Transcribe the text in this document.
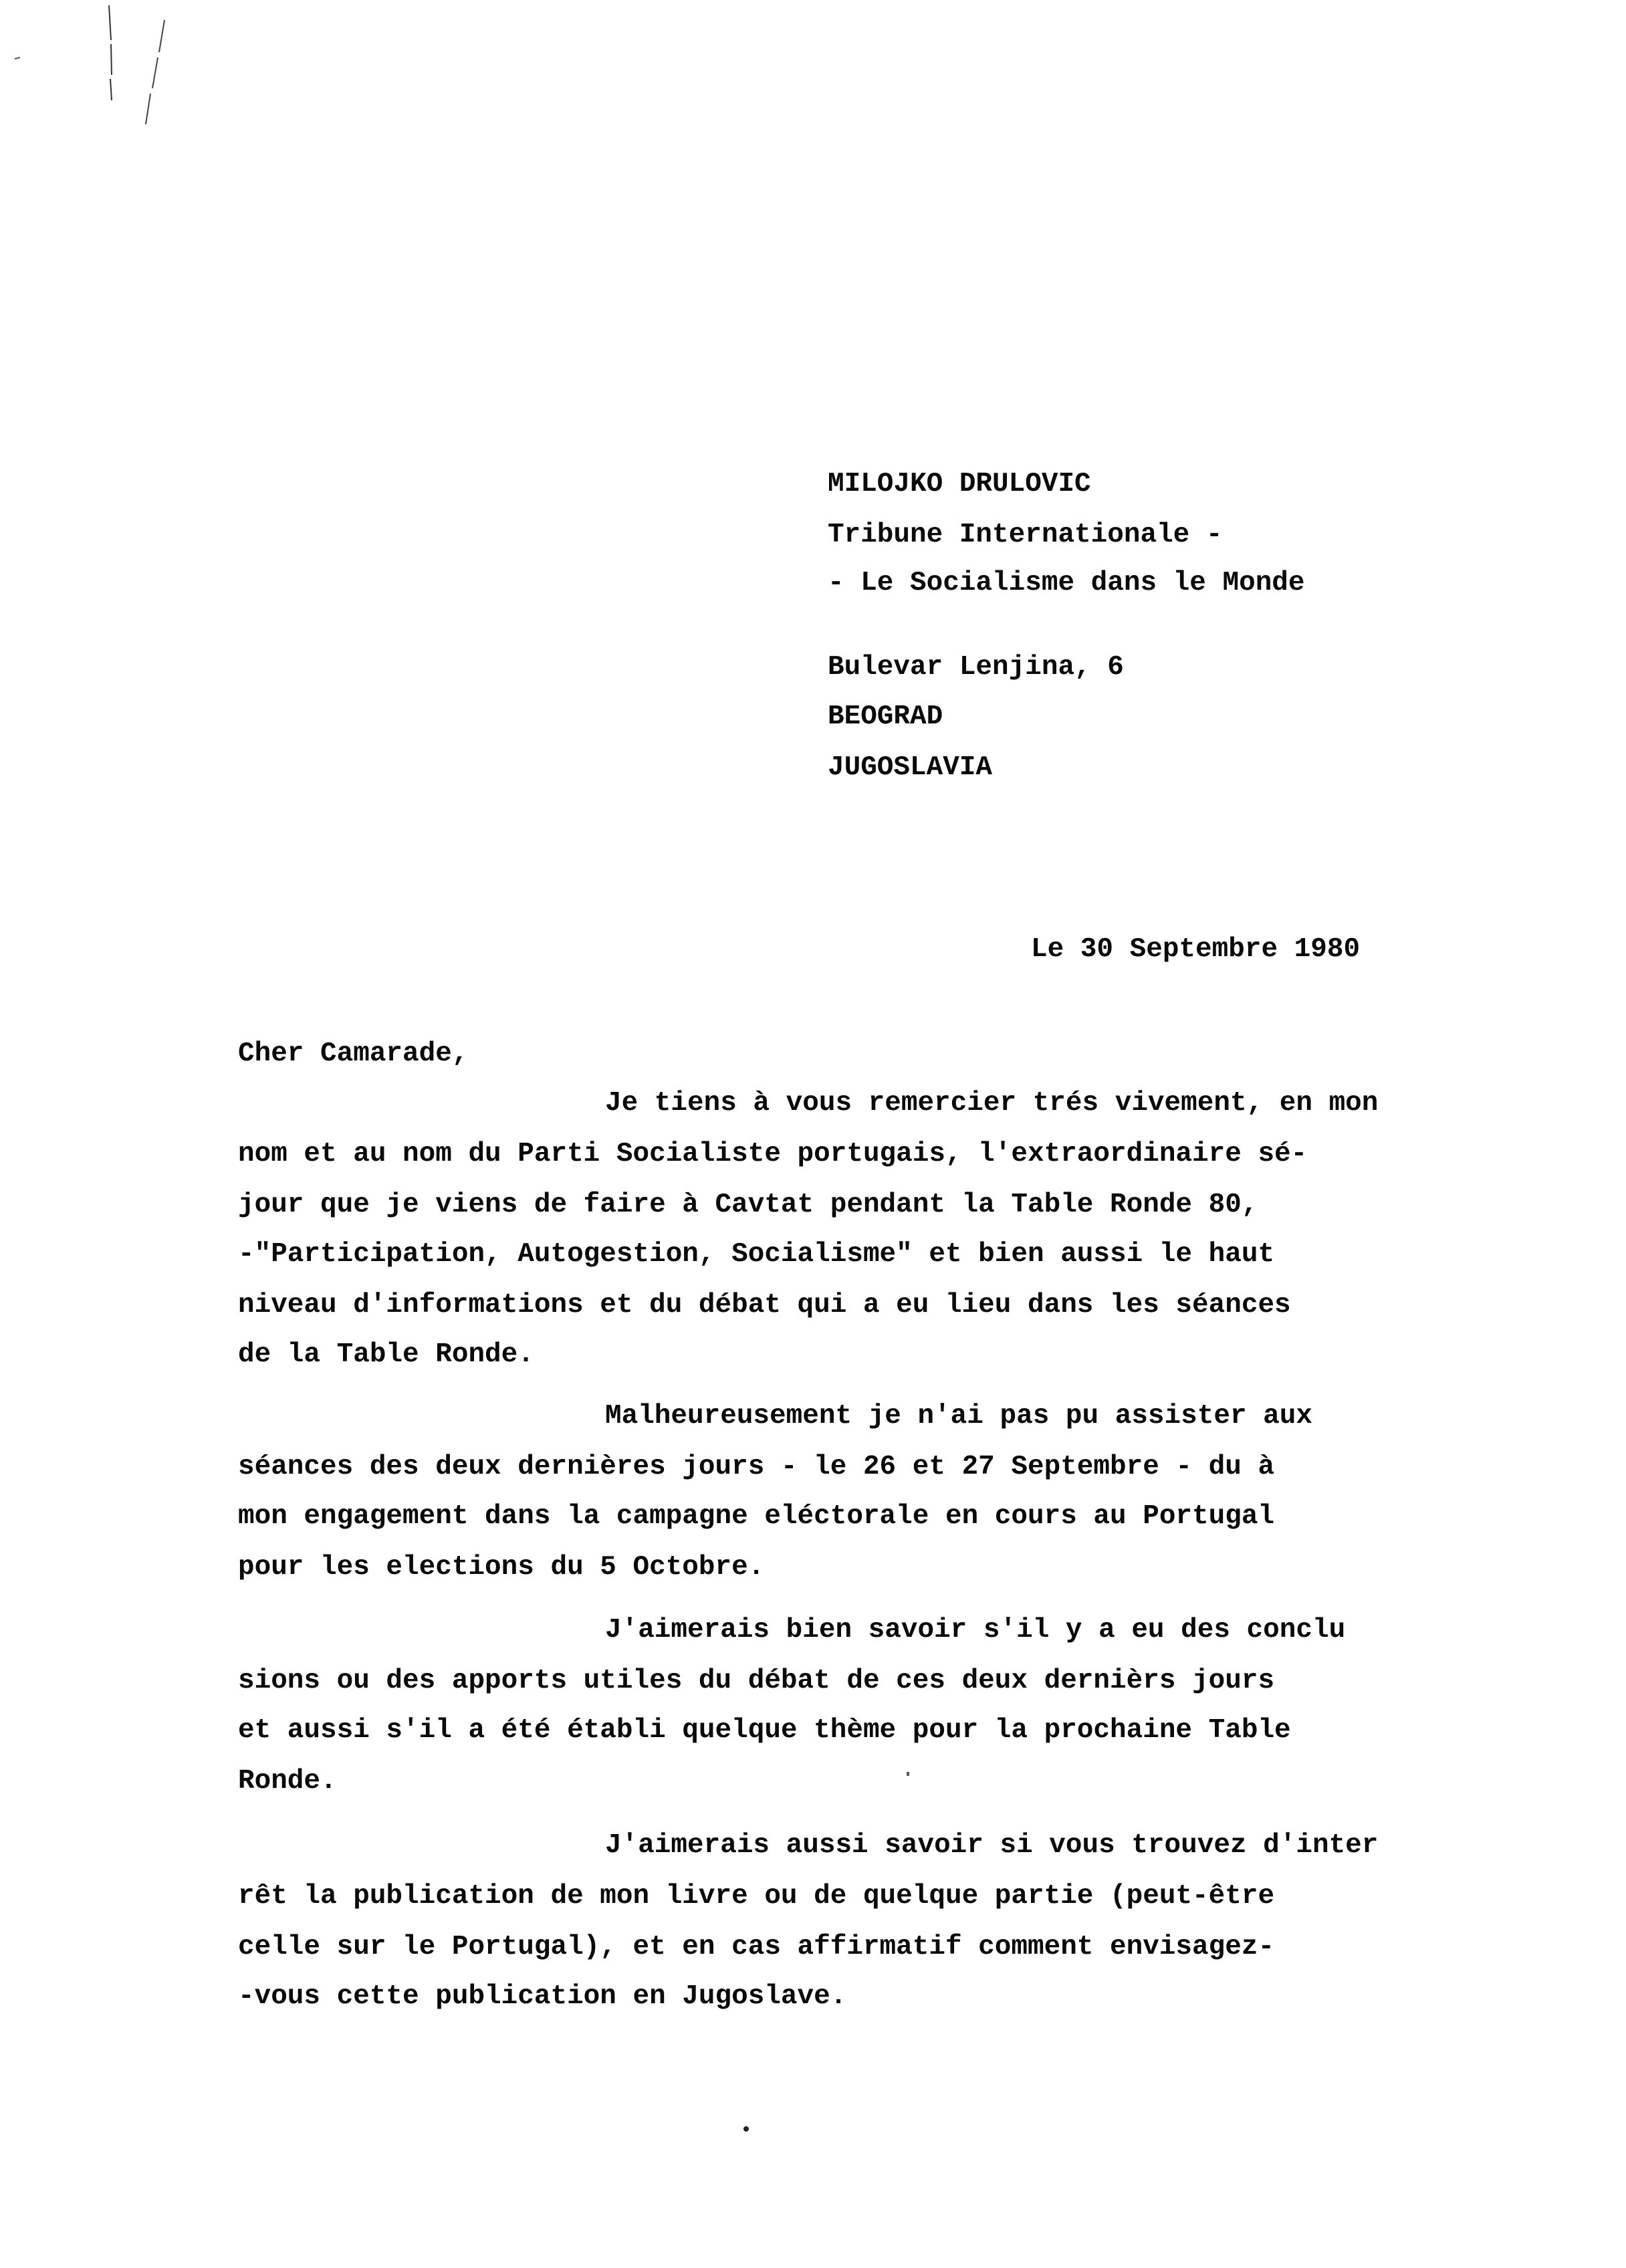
MILOJKO DRULOVIC

Tribune Internationale -

- Le Socialisme dans le Monde

Bulevar Lenjina, 6

BEOGRAD

JUGOSLAVIA

Le 30 Septembre 1980

Cher Camarade,

Je tiens à vous remercier trés vivement, en mon

nom et au nom du Parti Socialiste portugais, l'extraordinaire sé-

jour que je viens de faire à Cavtat pendant la Table Ronde 80,

-"Participation, Autogestion, Socialisme" et bien aussi le haut

niveau d'informations et du débat qui a eu lieu dans les séances

de la Table Ronde.

Malheureusement je n'ai pas pu assister aux

séances des deux dernières jours - le 26 et 27 Septembre - du à

mon engagement dans la campagne eléctorale en cours au Portugal

pour les elections du 5 Octobre.

J'aimerais bien savoir s'il y a eu des conclu

sions ou des apports utiles du débat de ces deux dernièrs jours

et aussi s'il a été établi quelque thème pour la prochaine Table

Ronde.

J'aimerais aussi savoir si vous trouvez d'inter

rêt la publication de mon livre ou de quelque partie (peut-être

celle sur le Portugal), et en cas affirmatif comment envisagez-

-vous cette publication en Jugoslave.
